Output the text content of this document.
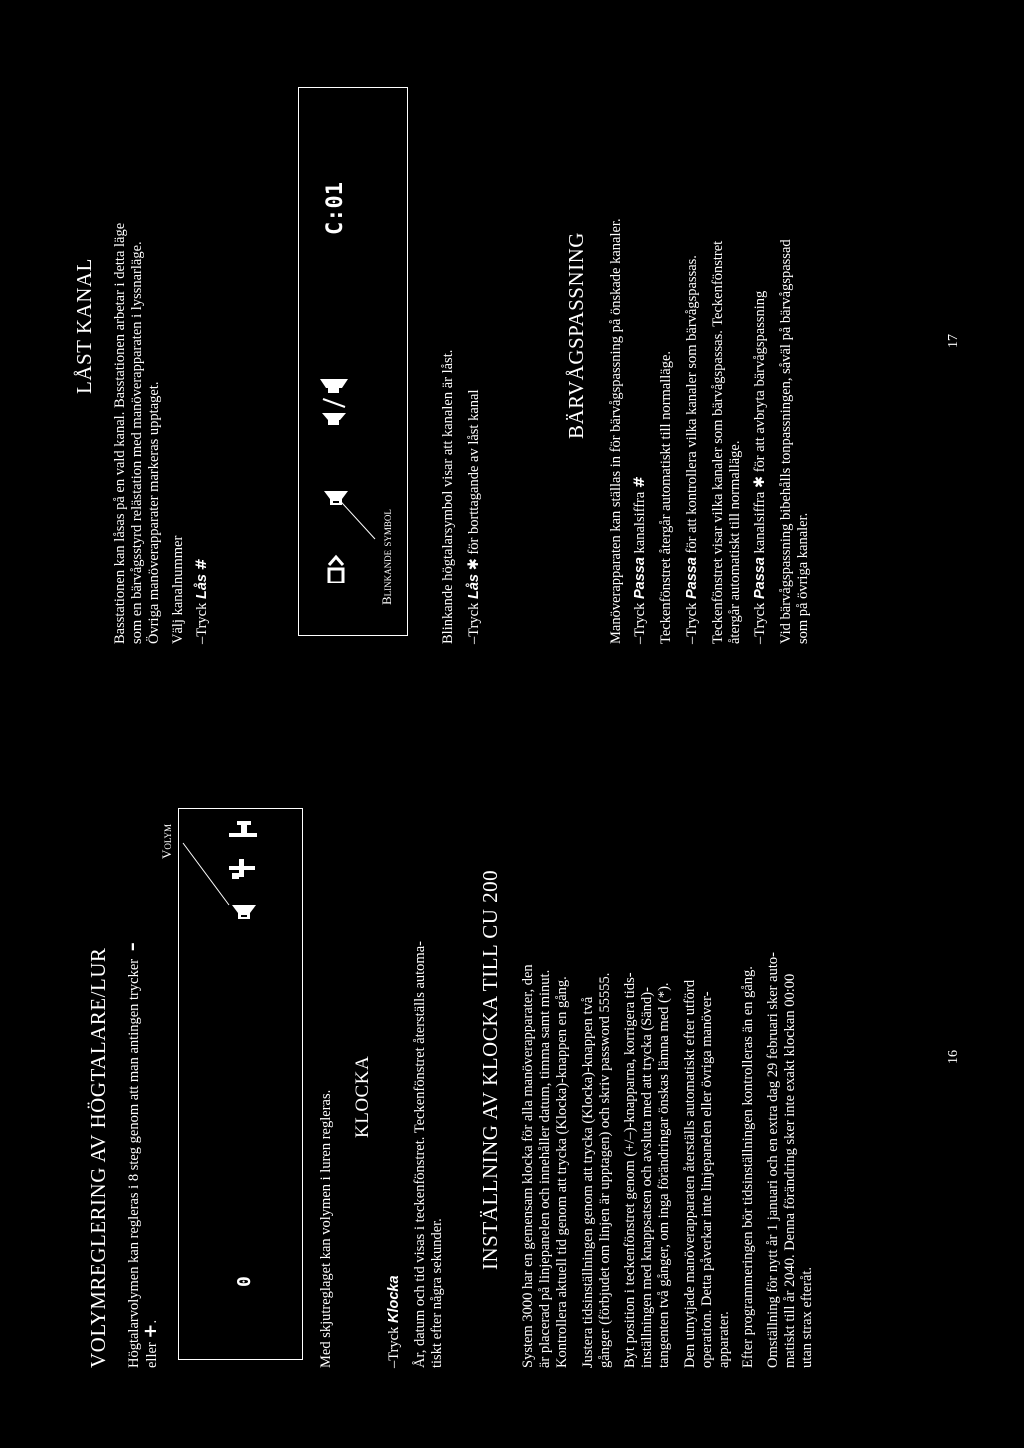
VOLYMREGLERING AV HÖGTALARE/LUR Högtalarvolymen kan regleras i 8 steg genom att man antingen trycker –
eller +.
0
Volym
Med skjutreglaget kan volymen i luren regleras. KLOCKA
–Tryck Klocka År, datum och tid visas i teckenfönstret. Teckenfönstret återställs automa- tiskt efter några sekunder.
INSTÄLLNING AV KLOCKA TILL CU 200 System 3000 har en gemensam klocka för alla manöverapparater, den är placerad på linjepanelen och innehåller datum, timma samt minut. Kontrollera aktuell tid genom att trycka (Klocka)-knappen en gång. Justera tidsinställningen genom att trycka (Klocka)-knappen två gånger (förbjudet om linjen är upptagen) och skriv password 55555. Byt position i teckenfönstret genom (+/–)-knapparna, korrigera tids- inställningen med knappsatsen och avsluta med att trycka (Sänd)- tangenten två gånger, om inga förändringar önskas lämna med (*). Den utnytjade manöverapparaten återställs automatiskt efter utförd operation. Detta påverkar inte linjepanelen eller övriga manöver- apparater. Efter programmeringen bör tidsinställningen kontrolleras än en gång. Omställning för nytt år 1 januari och en extra dag 29 februari sker auto- matiskt till år 2040. Denna förändring sker inte exakt klockan 00:00 utan strax efteråt.
16
LÅST KANAL Basstationen kan låsas på en vald kanal. Basstationen arbetar i detta läge som en bärvågsstyrd relästation med manöverapparaten i lyssnarläge. Övriga manöverapparater markeras upptaget. Välj kanalnummer –Tryck Lås #
C:01
Blinkande symbol	Blinkande högtalarsymbol visar att kanalen är låst. –Tryck Lås ✱ för borttagande av låst kanal
BÄRVÅGSPASSNING Manöverapparaten kan ställas in för bärvågspassning på önskade kanaler. –Tryck Passa kanalsiffra # Teckenfönstret återgår automatiskt till normalläge. –Tryck Passa för att kontrollera vilka kanaler som bärvågspassas. Teckenfönstret visar vilka kanaler som bärvågspassas. Teckenfönstret återgår automatiskt till normalläge. –Tryck Passa kanalsiffra ✱ för att avbryta bärvågspassning Vid bärvågspassning bibehålls tonpassningen, såväl på bärvågspassad som på övriga kanaler.
17
